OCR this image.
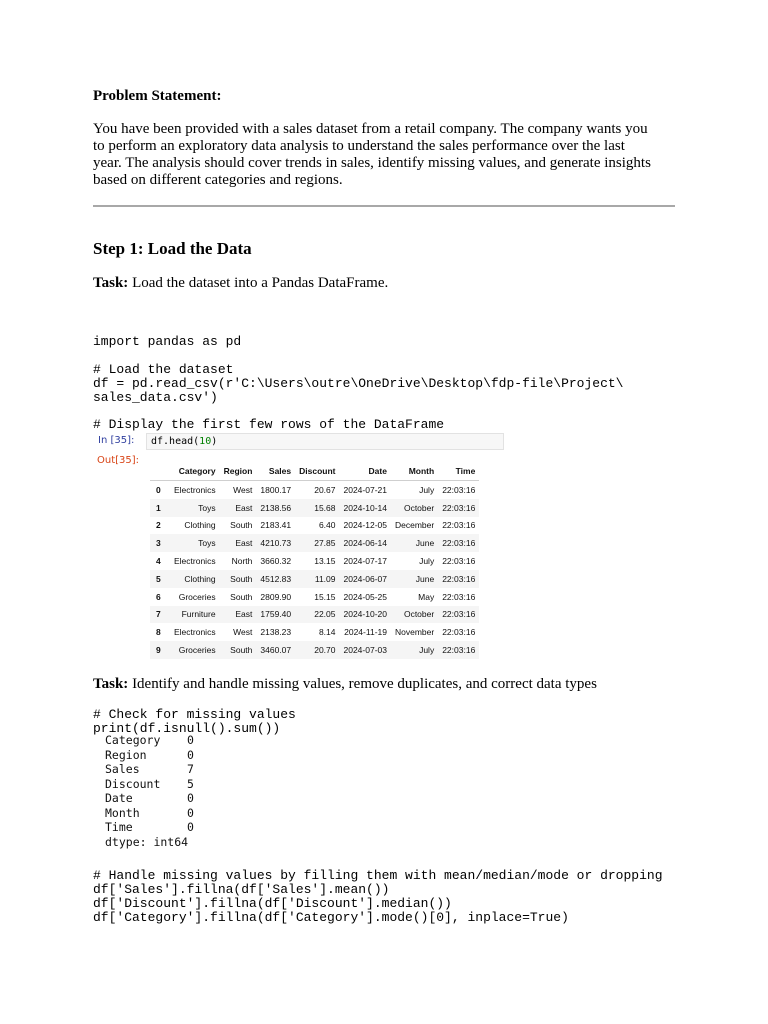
Problem Statement:
You have been provided with a sales dataset from a retail company. The company wants you
to perform an exploratory data analysis to understand the sales performance over the last
year. The analysis should cover trends in sales, identify missing values, and generate insights
based on different categories and regions.
Step 1: Load the Data
Task: Load the dataset into a Pandas DataFrame.
import pandas as pd
# Load the dataset
df = pd.read_csv(r'C:\Users\outre\OneDrive\Desktop\fdp-file\Project\
sales_data.csv')
# Display the first few rows of the DataFrame
In [35]:	df.head(10)
Out[35]:
	Category	Region	Sales	Discount	Date	Month	Time
0	Electronics	West	1800.17	20.67	2024-07-21	July	22:03:16
1	Toys	East	2138.56	15.68	2024-10-14	October	22:03:16
2	Clothing	South	2183.41	6.40	2024-12-05	December	22:03:16
3	Toys	East	4210.73	27.85	2024-06-14	June	22:03:16
4	Electronics	North	3660.32	13.15	2024-07-17	July	22:03:16
5	Clothing	South	4512.83	11.09	2024-06-07	June	22:03:16
6	Groceries	South	2809.90	15.15	2024-05-25	May	22:03:16
7	Furniture	East	1759.40	22.05	2024-10-20	October	22:03:16
8	Electronics	West	2138.23	8.14	2024-11-19	November	22:03:16
9	Groceries	South	3460.07	20.70	2024-07-03	July	22:03:16
Task: Identify and handle missing values, remove duplicates, and correct data types
# Check for missing values
print(df.isnull().sum())
Category	0
Region	0
Sales	7
Discount	5
Date	0
Month	0
Time	0
dtype: int64
# Handle missing values by filling them with mean/median/mode or dropping
df['Sales'].fillna(df['Sales'].mean())
df['Discount'].fillna(df['Discount'].median())
df['Category'].fillna(df['Category'].mode()[0], inplace=True)
